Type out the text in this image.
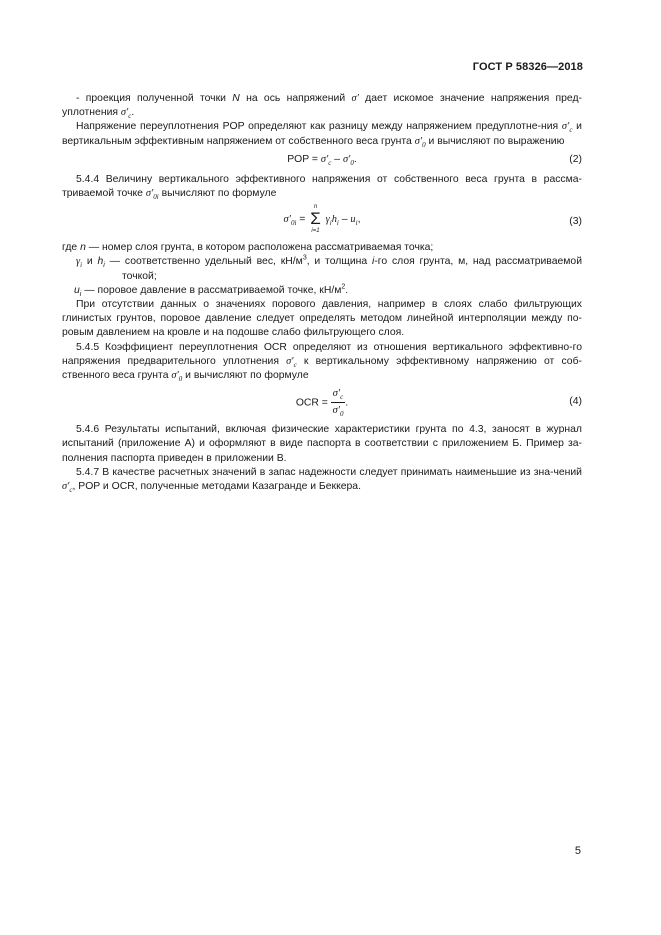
ГОСТ Р 58326—2018

- проекция полученной точки N на ось напряжений σ′ дает искомое значение напряжения пред-уплотнения $\sigma'_c$.

Напряжение переуплотнения POP определяют как разницу между напряжением предуплотне-ния $\sigma'_c$ и вертикальным эффективным напряжением от собственного веса грунта $\sigma'_0$ и вычисляют по выражению

POP = $\sigma'_c - \sigma'_0$.	(2)

5.4.4 Величину вертикального эффективного напряжения от собственного веса грунта в рассма-триваемой точке $\sigma'_{0i}$ вычисляют по формуле

$\sigma'_{0i}$ =
n
Σ
i=1
$\gamma_ih_i - u_i$,	(3)

где n — номер слоя грунта, в котором расположена рассматриваемая точка;

$\gamma_i$ и $h_i$ — соответственно удельный вес, $кН/м^3$, и толщина i-го слоя грунта, м, над рассматриваемой точкой;

$u_i$ — поровое давление в рассматриваемой точке, $кН/м^2$.

При отсутствии данных о значениях порового давления, например в слоях слабо фильтрующих глинистых грунтов, поровое давление следует определять методом линейной интерполяции между по-ровым давлением на кровле и на подошве слабо фильтрующего слоя.

5.4.5 Коэффициент переуплотнения OCR определяют из отношения вертикального эффективно-го напряжения предварительного уплотнения $\sigma'_c$ к вертикальному эффективному напряжению от соб-ственного веса грунта $\sigma'_0$ и вычисляют по формуле

OCR = $\frac{\sigma'_c}{\sigma'_0}$ .	(4)

5.4.6 Результаты испытаний, включая физические характеристики грунта по 4.3, заносят в журнал испытаний (приложение А) и оформляют в виде паспорта в соответствии с приложением Б. Пример за-полнения паспорта приведен в приложении В.

5.4.7 В качестве расчетных значений в запас надежности следует принимать наименьшие из зна-чений $\sigma'_c$, POP и OCR, полученные методами Казагранде и Беккера.

5
